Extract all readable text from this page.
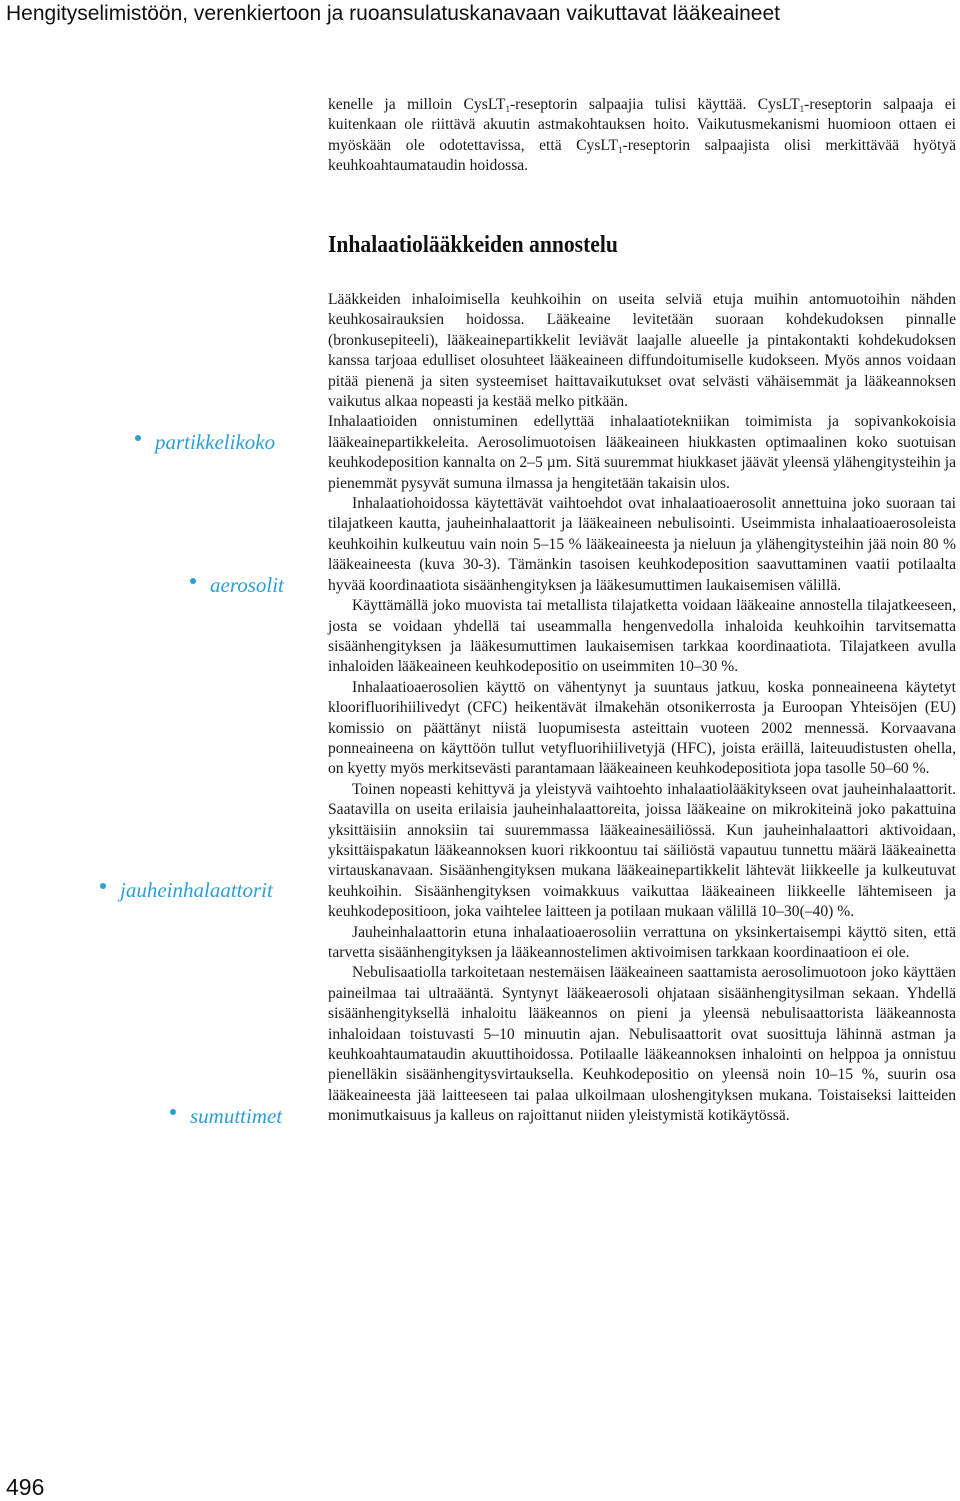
Hengityselimistöön, verenkiertoon ja ruoansulatuskanavaan vaikuttavat lääkeaineet

kenelle ja milloin CysLT$_1$-reseptorin salpaajia tulisi käyttää. CysLT$_1$-reseptorin salpaaja ei kuitenkaan ole riittävä akuutin astmakohtauksen hoito. Vaikutusmekanismi huomioon ottaen ei myöskään ole odotettavissa, että CysLT$_1$-reseptorin salpaajista olisi merkittävää hyötyä keuhkoahtaumataudin hoidossa.

Inhalaatiolääkkeiden annostelu
partikkelikoko
aerosolit
jauheinhalaattorit
sumuttimet

Lääkkeiden inhaloimisella keuhkoihin on useita selviä etuja muihin antomuotoihin nähden keuhkosairauksien hoidossa. Lääkeaine levitetään suoraan kohdekudoksen pinnalle (bronkusepiteeli), lääkeainepartikkelit leviävät laajalle alueelle ja pintakontakti kohdekudoksen kanssa tarjoaa edulliset olosuhteet lääkeaineen diffundoitumiselle kudokseen. Myös annos voidaan pitää pienenä ja siten systeemiset haittavaikutukset ovat selvästi vähäisemmät ja lääkeannoksen vaikutus alkaa nopeasti ja kestää melko pitkään.

Inhalaatioiden onnistuminen edellyttää inhalaatiotekniikan toimimista ja sopivankokoisia lääkeainepartikkeleita. Aerosolimuotoisen lääkeaineen hiukkasten optimaalinen koko suotuisan keuhkodeposition kannalta on 2–5 µm. Sitä suuremmat hiukkaset jäävät yleensä ylähengitysteihin ja pienemmät pysyvät sumuna ilmassa ja hengitetään takaisin ulos.

Inhalaatiohoidossa käytettävät vaihtoehdot ovat inhalaatioaerosolit annettuina joko suoraan tai tilajatkeen kautta, jauheinhalaattorit ja lääkeaineen nebulisointi. Useimmista inhalaatioaerosoleista keuhkoihin kulkeutuu vain noin 5–15 % lääkeaineesta ja nieluun ja ylähengitysteihin jää noin 80 % lääkeaineesta (kuva 30-3). Tämänkin tasoisen keuhkodeposition saavuttaminen vaatii potilaalta hyvää koordinaatiota sisäänhengityksen ja lääkesumuttimen laukaisemisen välillä.

Käyttämällä joko muovista tai metallista tilajatketta voidaan lääkeaine annostella tilajatkeeseen, josta se voidaan yhdellä tai useammalla hengenvedolla inhaloida keuhkoihin tarvitsematta sisäänhengityksen ja lääkesumuttimen laukaisemisen tarkkaa koordinaatiota. Tilajatkeen avulla inhaloiden lääkeaineen keuhkodepositio on useimmiten 10–30 %.

Inhalaatioaerosolien käyttö on vähentynyt ja suuntaus jatkuu, koska ponneaineena käytetyt kloorifluorihiilivedyt (CFC) heikentävät ilmakehän otsonikerrosta ja Euroopan Yhteisöjen (EU) komissio on päättänyt niistä luopumisesta asteittain vuoteen 2002 mennessä. Korvaavana ponneaineena on käyttöön tullut vetyfluorihiilivetyjä (HFC), joista eräillä, laiteuudistusten ohella, on kyetty myös merkitsevästi parantamaan lääkeaineen keuhkodepositiota jopa tasolle 50–60 %.

Toinen nopeasti kehittyvä ja yleistyvä vaihtoehto inhalaatiolääkitykseen ovat jauheinhalaattorit. Saatavilla on useita erilaisia jauheinhalaattoreita, joissa lääkeaine on mikrokiteinä joko pakattuina yksittäisiin annoksiin tai suuremmassa lääkeainesäiliössä. Kun jauheinhalaattori aktivoidaan, yksittäispakatun lääkeannoksen kuori rikkoontuu tai säiliöstä vapautuu tunnettu määrä lääkeainetta virtauskanavaan. Sisäänhengityksen mukana lääkeainepartikkelit lähtevät liikkeelle ja kulkeutuvat keuhkoihin. Sisäänhengityksen voimakkuus vaikuttaa lääkeaineen liikkeelle lähtemiseen ja keuhkodepositioon, joka vaihtelee laitteen ja potilaan mukaan välillä 10–30(–40) %.

Jauheinhalaattorin etuna inhalaatioaerosoliin verrattuna on yksinkertaisempi käyttö siten, että tarvetta sisäänhengityksen ja lääkeannostelimen aktivoimisen tarkkaan koordinaatioon ei ole.

Nebulisaatiolla tarkoitetaan nestemäisen lääkeaineen saattamista aerosolimuotoon joko käyttäen paineilmaa tai ultraääntä. Syntynyt lääkeaerosoli ohjataan sisäänhengitysilman sekaan. Yhdellä sisäänhengityksellä inhaloitu lääkeannos on pieni ja yleensä nebulisaattorista lääkeannosta inhaloidaan toistuvasti 5–10 minuutin ajan. Nebulisaattorit ovat suosittuja lähinnä astman ja keuhkoahtaumataudin akuuttihoidossa. Potilaalle lääkeannoksen inhalointi on helppoa ja onnistuu pienelläkin sisäänhengitysvirtauksella. Keuhkodepositio on yleensä noin 10–15 %, suurin osa lääkeaineesta jää laitteeseen tai palaa ulkoilmaan uloshengityksen mukana. Toistaiseksi laitteiden monimutkaisuus ja kalleus on rajoittanut niiden yleistymistä kotikäytössä.

496
